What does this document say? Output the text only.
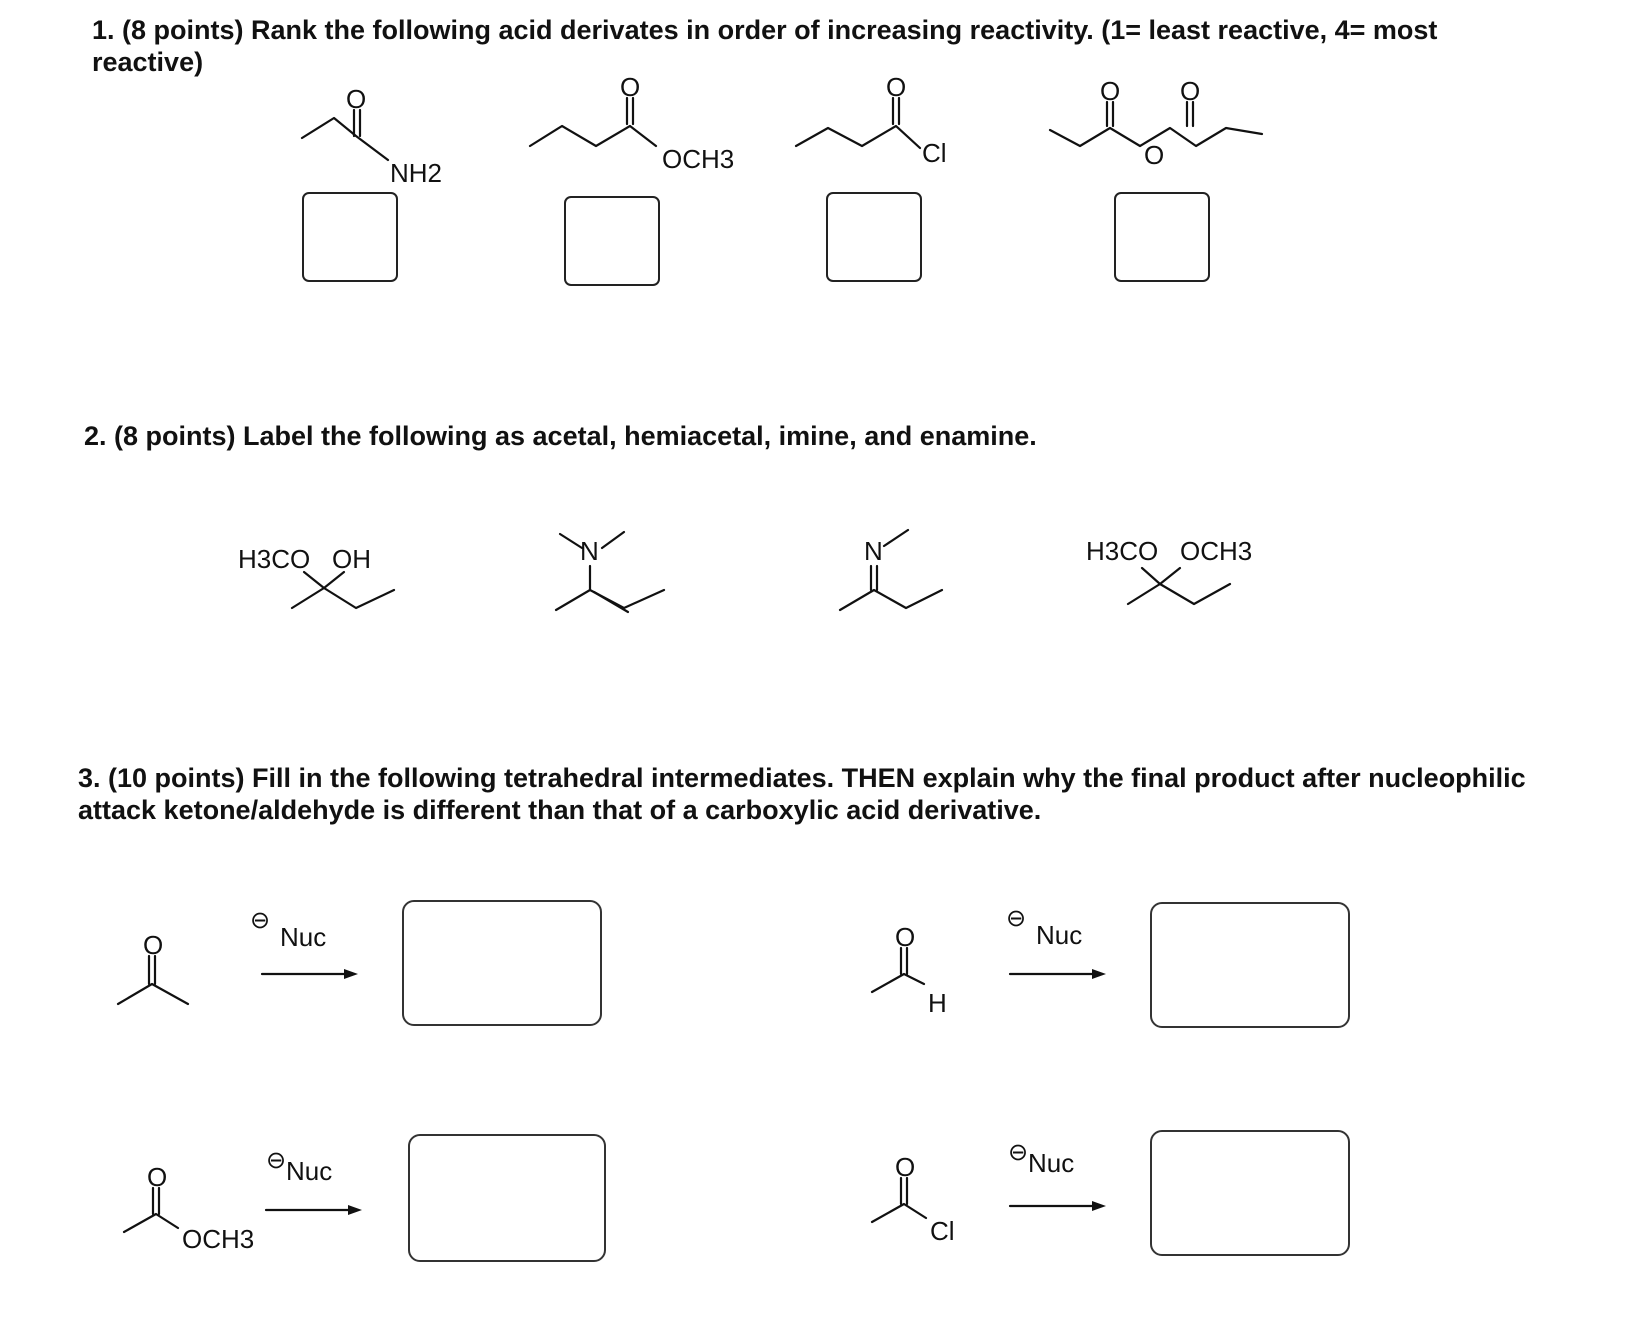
1. (8 points) Rank the following acid derivates in order of increasing reactivity. (1= least reactive, 4= most reactive)
2. (8 points) Label the following as acetal, hemiacetal, imine, and enamine.
3. (10 points) Fill in the following tetrahedral intermediates. THEN explain why the final product after nucleophilic attack ketone/aldehyde is different than that of a carboxylic acid derivative.
O
NH2
O
OCH3
O
Cl
O O
O
H3CO OH	N	N	H3CO OCH3
O	O
H
O
OCH3
O
Cl
⊖
Nuc
⊖
Nuc
⊖ Nuc
⊖ Nuc
